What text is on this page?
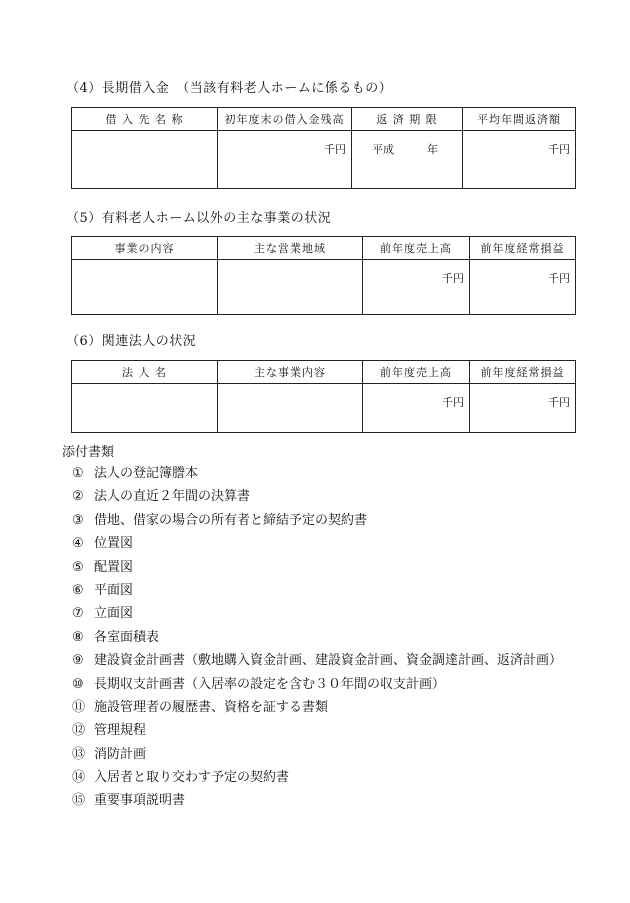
（4）長期借入金　（当該有料老人ホームに係るもの）
借 入 先 名 称	初年度末の借入金残高	返 済 期 限	平均年間返済額
	千円	平成　　　年	千円
（5）有料老人ホーム以外の主な事業の状況
事業の内容	主な営業地域	前年度売上高	前年度経常損益
		千円	千円
（6）関連法人の状況
法 人 名	主な事業内容	前年度売上高	前年度経常損益
		千円	千円
添付書類
① 法人の登記簿謄本
② 法人の直近２年間の決算書
③ 借地、借家の場合の所有者と締結予定の契約書
④ 位置図
⑤ 配置図
⑥ 平面図
⑦ 立面図
⑧ 各室面積表
⑨ 建設資金計画書（敷地購入資金計画、建設資金計画、資金調達計画、返済計画）
⑩ 長期収支計画書（入居率の設定を含む３０年間の収支計画）
⑪ 施設管理者の履歴書、資格を証する書類
⑫ 管理規程
⑬ 消防計画
⑭ 入居者と取り交わす予定の契約書
⑮ 重要事項説明書
